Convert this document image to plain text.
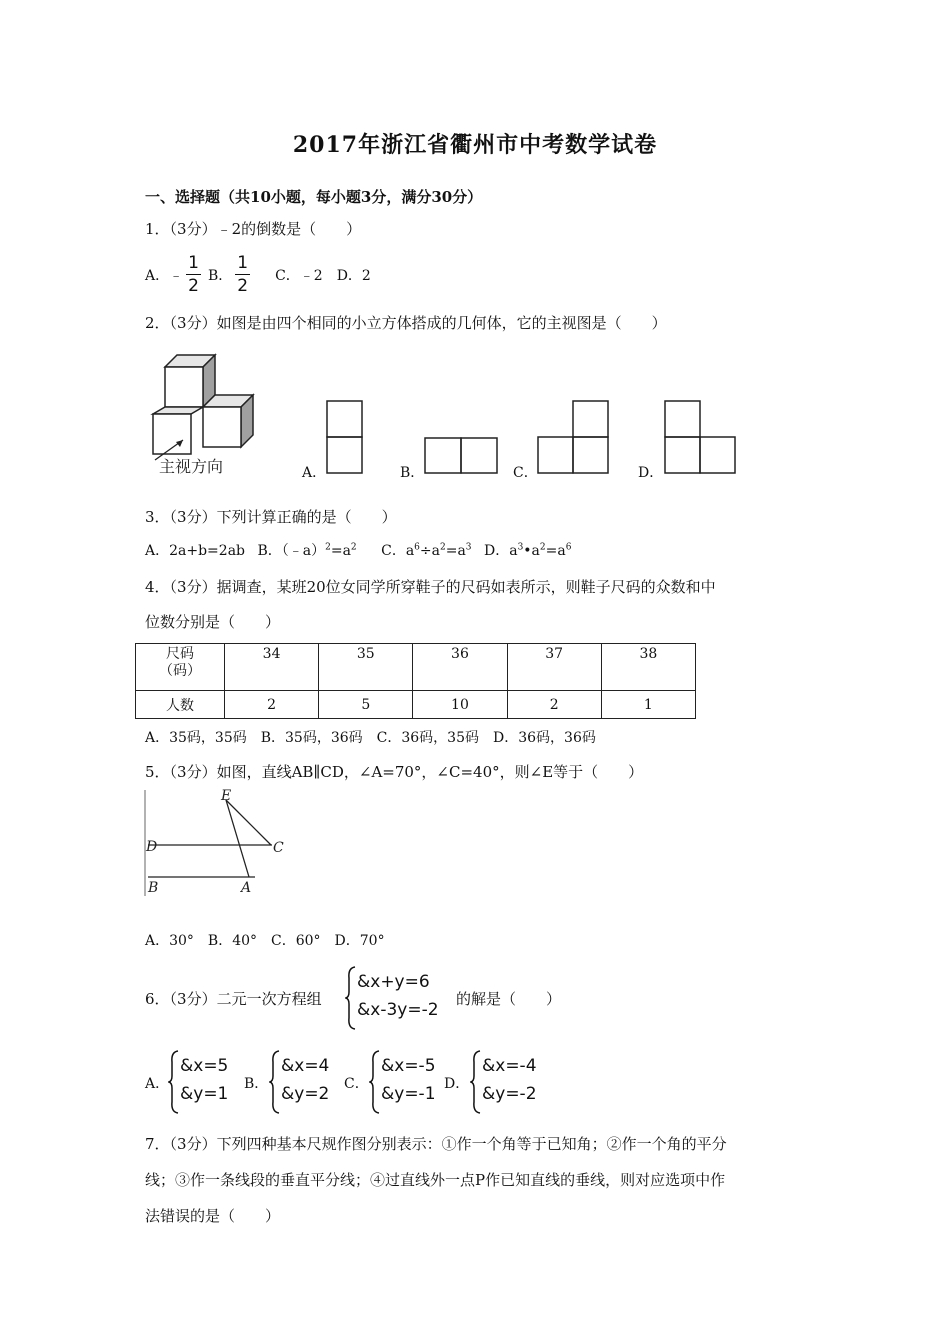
2017年浙江省衢州市中考数学试卷
一、选择题（共10小题，每小题3分，满分30分）
1．（3分）﹣2的倒数是（　　）
A． ﹣ $\frac{1}{2}$ B． $\frac{1}{2}$ C．﹣2 D．2
2．（3分）如图是由四个相同的小立方体搭成的几何体，它的主视图是（　　）
主视方向	A．	B．	C．	D．
3．（3分）下列计算正确的是（　　）
A．2a+b=2ab B．$(﹣a)^2=a^2$ C．$a^6\div a^2=a^3$ D．$a^3•a^2=a^6$
4．（3分）据调查，某班20位女同学所穿鞋子的尺码如表所示，则鞋子尺码的众数和中
位数分别是（　　）
尺码
（码）	34	35	36	37	38
人数	2	5	10	2	1
A．35码，35码　B．35码，36码　C．36码，35码　D．36码，36码
5．（3分）如图，直线AB∥CD，∠A=70°，∠C=40°，则∠E等于（　　）
E
D	C
B	A
A．30°　B．40°　C．60°　D．70°
6．（3分）二元一次方程组
&x+y=6
&x-3y=-2
的解是（　　）
A．
&x=5
&y=1 B．
&x=4
&y=2 C．
&x=-5
&y=-1 D．
&x=-4
&y=-2
7．（3分）下列四种基本尺规作图分别表示：①作一个角等于已知角；②作一个角的平分
线；③作一条线段的垂直平分线；④过直线外一点P作已知直线的垂线，则对应选项中作
法错误的是（　　）
